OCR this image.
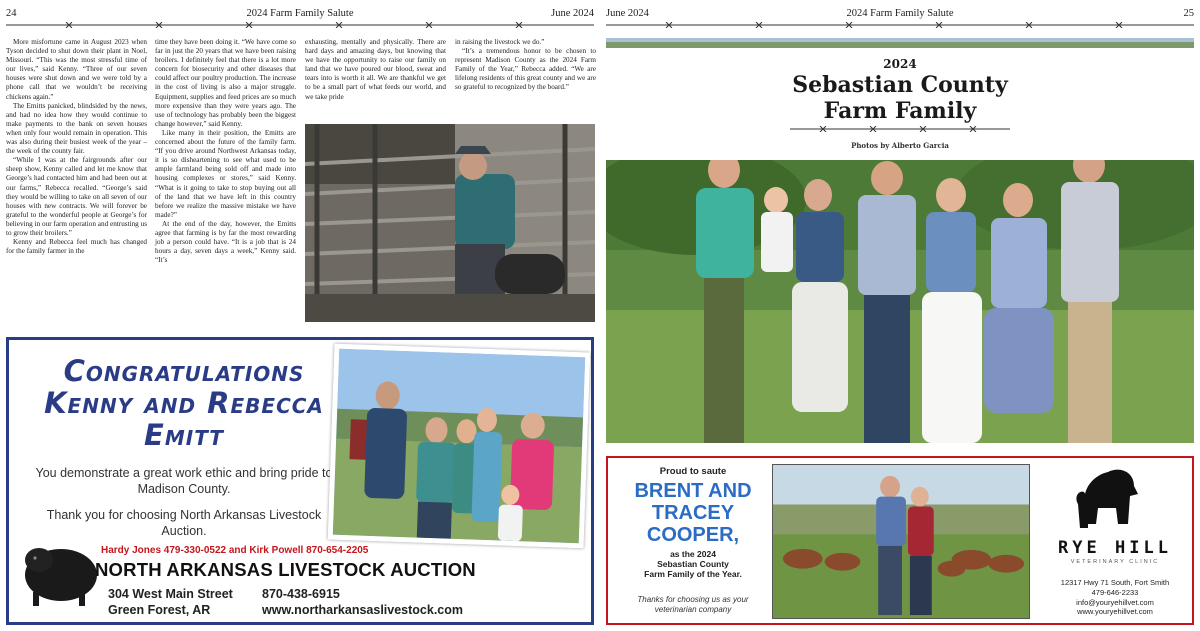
24	2024 Farm Family Salute	June 2024

More misfortune came in August 2023 when Tyson decided to shut down their plant in Noel, Missouri. “This was the most stressful time of our lives,” said Kenny. “Three of our seven houses were shut down and we were told by a phone call that we wouldn’t be receiving chickens again.”

The Emitts panicked, blindsided by the news, and had no idea how they would continue to make payments to the bank on seven houses when only four would remain in operation. This was also during their busiest week of the year – the week of the county fair.

“While I was at the fairgrounds after our sheep show, Kenny called and let me know that George’s had contacted him and had been out at our farms,” Rebecca recalled. “George’s said they would be willing to take on all seven of our houses with new contracts. We will forever be grateful to the wonderful people at George’s for believing in our farm operation and entrusting us to grow their broilers.”

Kenny and Rebecca feel much has changed for the family farmer in the

time they have been doing it. “We have come so far in just the 20 years that we have been raising broilers. I definitely feel that there is a lot more concern for biosecurity and other diseases that could affect our poultry production. The increase in the cost of living is also a major struggle. Equipment, supplies and feed prices are so much more expensive than they were years ago. The use of technology has probably been the biggest change however,” said Kenny.

Like many in their position, the Emitts are concerned about the future of the family farm. “If you drive around Northwest Arkansas today, it is so disheartening to see what used to be ample farmland being sold off and made into housing complexes or stores,” said Kenny. “What is it going to take to stop buying out all of the land that we have left in this country before we realize the massive mistake we have made?”

At the end of the day, however, the Emitts agree that farming is by far the most rewarding job a person could have. “It is a job that is 24 hours a day, seven days a week,” Kenny said. “It’s

exhausting, mentally and physically. There are hard days and amazing days, but knowing that we have the opportunity to raise our family on land that we have poured our blood, sweat and tears into is worth it all. We are thankful we get to be a small part of what feeds our world, and we take pride

in raising the livestock we do.”

“It’s a tremendous honor to be chosen to represent Madison County as the 2024 Farm Family of the Year,” Rebecca added. “We are lifelong residents of this great county and we are so grateful to recognized by the board.”

Congratulations
Kenny and Rebecca
Emitt
You demonstrate a great work ethic and bring pride to Madison County.
Thank you for choosing North Arkansas Livestock Auction.
Hardy Jones 479-330-0522 and Kirk Powell 870-654-2205
NORTH ARKANSAS LIVESTOCK AUCTION
304 West Main Street
Green Forest, AR
870-438-6915
www.northarkansaslivestock.com
June 2024	2024 Farm Family Salute	25
2024
Sebastian County
Farm Family
Photos by Alberto Garcia
Proud to saute
BRENT AND
TRACEY
COOPER,
as the 2024
Sebastian County
Farm Family of the Year.
Thanks for choosing us as your
veterinarian company
RYE HILL
VETERINARY CLINIC
12317 Hwy 71 South, Fort Smith
479-646-2233
info@youryehillvet.com
www.youryehillvet.com
